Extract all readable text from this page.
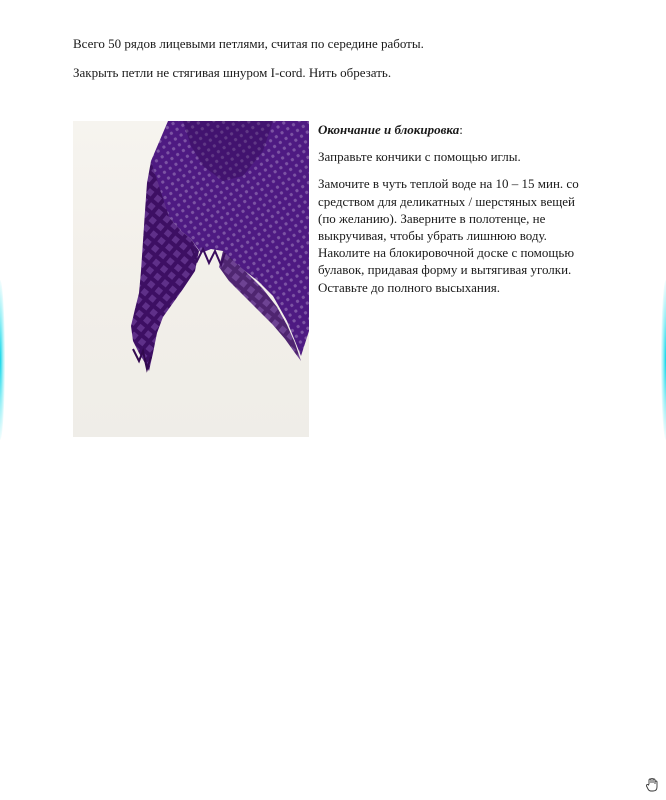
Всего 50 рядов лицевыми петлями, считая по середине работы.

Закрыть петли не стягивая шнуром I-cord. Нить обрезать.

Окончание и блокировка:

Заправьте кончики с помощью иглы.

Замочите в чуть теплой воде на 10 – 15 мин. со
средством для деликатных / шерстяных вещей
(по желанию). Заверните в полотенце, не
выкручивая, чтобы убрать лишнюю воду.
Наколите на блокировочной доске с помощью
булавок, придавая форму и вытягивая уголки.
Оставьте до полного высыхания.
